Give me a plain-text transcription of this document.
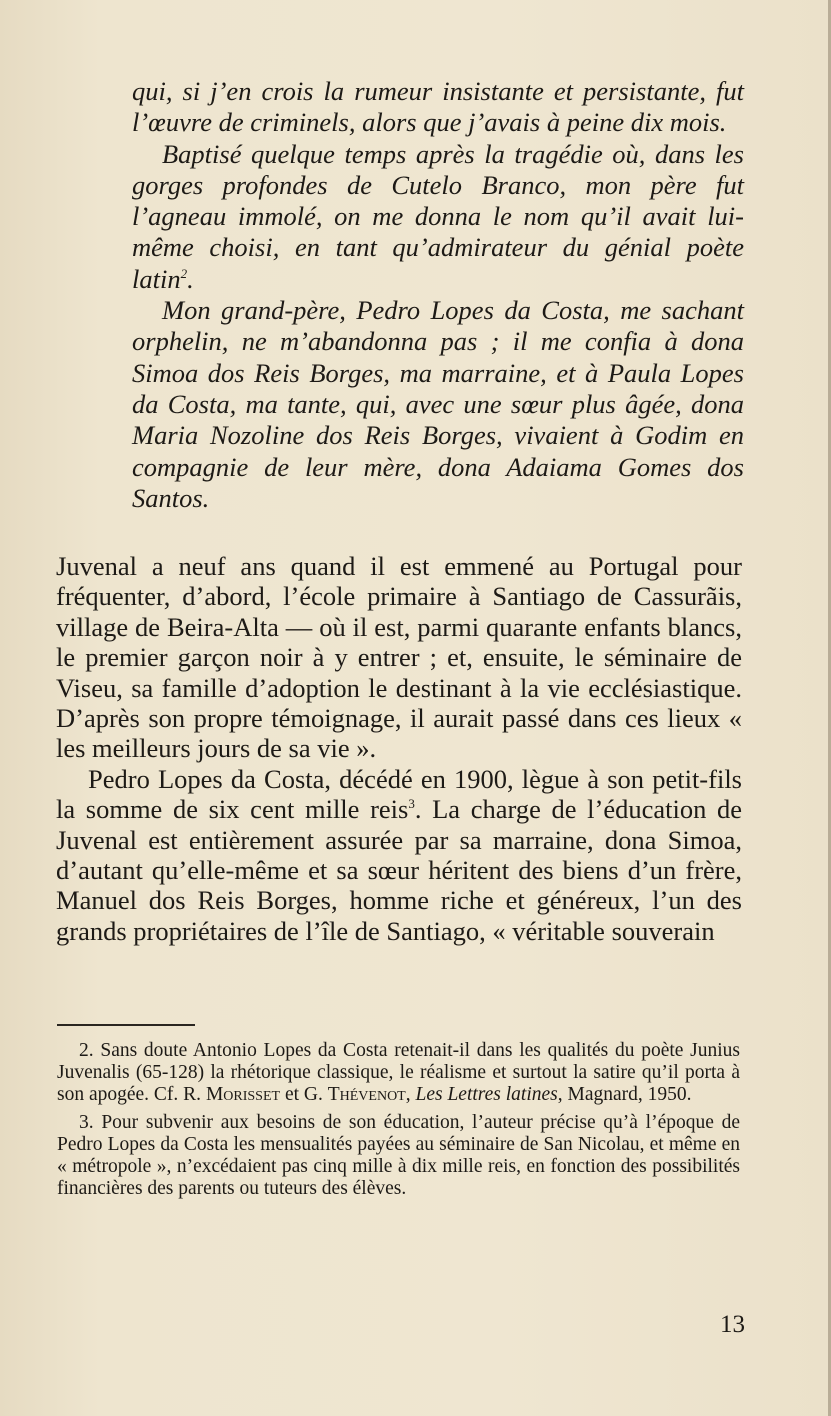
qui, si j’en crois la rumeur insistante et persistante, fut l’œuvre de criminels, alors que j’avais à peine dix mois.

Baptisé quelque temps après la tragédie où, dans les gorges profondes de Cutelo Branco, mon père fut l’agneau immolé, on me donna le nom qu’il avait lui-même choisi, en tant qu’admirateur du génial poète latin$^2$.

Mon grand-père, Pedro Lopes da Costa, me sachant orphelin, ne m’abandonna pas ; il me confia à dona Simoa dos Reis Borges, ma marraine, et à Paula Lopes da Costa, ma tante, qui, avec une sœur plus âgée, dona Maria Nozoline dos Reis Borges, vivaient à Godim en compagnie de leur mère, dona Adaiama Gomes dos Santos.

Juvenal a neuf ans quand il est emmené au Portugal pour fréquenter, d’abord, l’école primaire à Santiago de Cassurãis, village de Beira-Alta — où il est, parmi quarante enfants blancs, le premier garçon noir à y entrer ; et, ensuite, le séminaire de Viseu, sa famille d’adoption le destinant à la vie ecclésiastique. D’après son propre témoignage, il aurait passé dans ces lieux « les meilleurs jours de sa vie ».

Pedro Lopes da Costa, décédé en 1900, lègue à son petit-fils la somme de six cent mille reis$^3$. La charge de l’éducation de Juvenal est entièrement assurée par sa marraine, dona Simoa, d’autant qu’elle-même et sa sœur héritent des biens d’un frère, Manuel dos Reis Borges, homme riche et généreux, l’un des grands propriétaires de l’île de Santiago, « véritable souverain

2. Sans doute Antonio Lopes da Costa retenait-il dans les qualités du poète Junius Juvenalis (65-128) la rhétorique classique, le réalisme et surtout la satire qu’il porta à son apogée. Cf. R. Morisset et G. Thévenot, Les Lettres latines, Magnard, 1950.

3. Pour subvenir aux besoins de son éducation, l’auteur précise qu’à l’époque de Pedro Lopes da Costa les mensualités payées au séminaire de San Nicolau, et même en « métropole », n’excédaient pas cinq mille à dix mille reis, en fonction des possibilités financières des parents ou tuteurs des élèves.

13
